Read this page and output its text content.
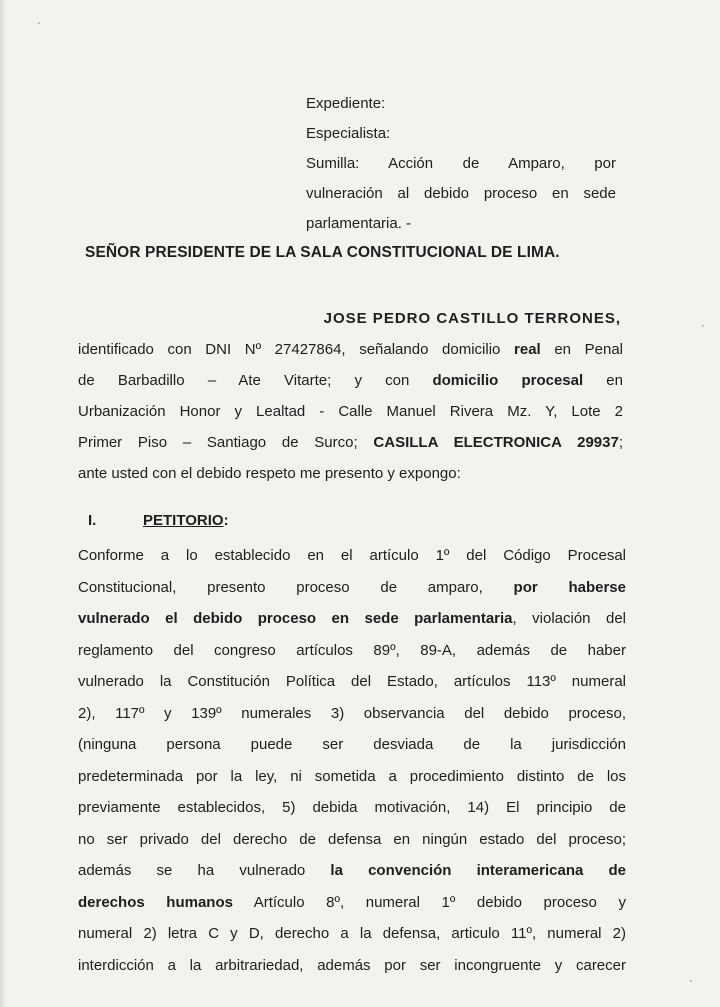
Expediente:
Especialista:
Sumilla: Acción de Amparo, por
vulneración al debido proceso en sede
parlamentaria. -
SEÑOR PRESIDENTE DE LA SALA CONSTITUCIONAL DE LIMA.
JOSE PEDRO CASTILLO TERRONES,
identificado con DNI Nº 27427864, señalando domicilio real en Penal
de Barbadillo – Ate Vitarte; y con domicilio procesal en
Urbanización Honor y Lealtad - Calle Manuel Rivera Mz. Y, Lote 2
Primer Piso – Santiago de Surco; CASILLA ELECTRONICA 29937;
ante usted con el debido respeto me presento y expongo:
I.	PETITORIO:
Conforme a lo establecido en el artículo 1º del Código Procesal
Constitucional, presento proceso de amparo, por haberse
vulnerado el debido proceso en sede parlamentaria, violación del
reglamento del congreso artículos 89º, 89-A, además de haber
vulnerado la Constitución Política del Estado, artículos 113º numeral
2), 117º y 139º numerales 3) observancia del debido proceso,
(ninguna persona puede ser desviada de la jurisdicción
predeterminada por la ley, ni sometida a procedimiento distinto de los
previamente establecidos, 5) debida motivación, 14) El principio de
no ser privado del derecho de defensa en ningún estado del proceso;
además se ha vulnerado la convención interamericana de
derechos humanos Artículo 8º, numeral 1º debido proceso y
numeral 2) letra C y D, derecho a la defensa, articulo 11º, numeral 2)
interdicción a la arbitrariedad, además por ser incongruente y carecer
